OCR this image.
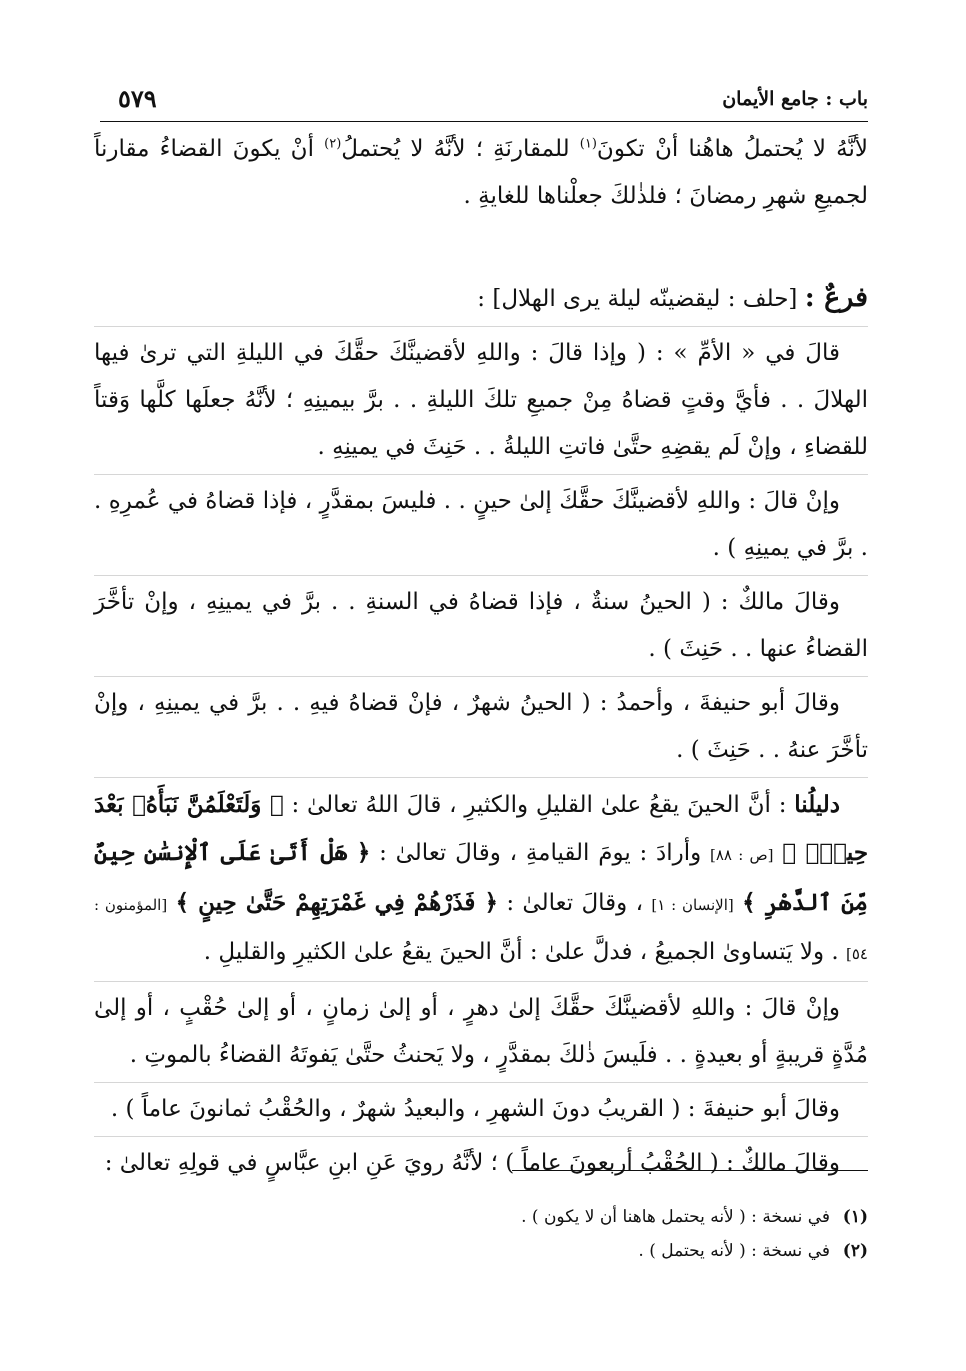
باب : جامع الأيمان
٥٧٩

لأنَّهُ لا يُحتملُ هاهُنا أنْ تكونَ$^{(١)}$ للمقارنَةِ ؛ لأنَّهُ لا يُحتملُ$^{(٢)}$ أنْ يكونَ القضاءُ مقارناً لجميعِ شهرِ رمضانَ ؛ فلذٰلكَ جعلْناها للغايةِ .

فرعٌ : [حلف : ليقضينّه ليلة يرى الهلال] :

قالَ في « الأمِّ » : ( وإذا قالَ : واللهِ لأقضينَّكَ حقَّكَ في الليلةِ التي ترىٰ فيها الهلالَ . . فأيَّ وقتٍ قضاهُ مِنْ جميعِ تلكَ الليلةِ . . برَّ بيمينِهِ ؛ لأنَّهُ جعلَها كلَّها وَقتاً للقضاءِ ، وإنْ لَم يقضِهِ حتَّىٰ فاتتِ الليلةُ . . حَنِثَ في يمينِهِ .

وإنْ قالَ : واللهِ لأقضينَّكَ حقَّكَ إلىٰ حينٍ . . فليسَ بمقدَّرٍ ، فإذا قضاهُ في عُمرِهِ . . برَّ في يمينِهِ ) .

وقالَ مالكٌ : ( الحينُ سنةٌ ، فإذا قضاهُ في السنةِ . . برَّ في يمينِهِ ، وإنْ تأخَّرَ القضاءُ عنها . . حَنِثَ ) .

وقالَ أبو حنيفةَ ، وأحمدُ : ( الحينُ شهرٌ ، فإنْ قضاهُ فيهِ . . برَّ في يمينِهِ ، وإنْ تأخَّرَ عنهُ . . حَنِثَ ) .

دليلُنا : أنَّ الحينَ يقعُ علىٰ القليلِ والكثيرِ ، قالَ اللهُ تعالىٰ : ﴿ وَلَتَعْلَمُنَّ نَبَأَهُۥ بَعْدَ حِينٍۭ ﴾ [ص : ٨٨] وأرادَ : يومَ القيامةِ ، وقالَ تعالىٰ : ﴿ هَلْ أَتَىٰ عَلَى ٱلْإِنسَٰنِ حِينٌ مِّنَ ٱلدَّهْرِ ﴾ [الإنسان : ١] ، وقالَ تعالىٰ : ﴿ فَذَرْهُمْ فِي غَمْرَتِهِمْ حَتَّىٰ حِينٍ ﴾ [المؤمنون : ٥٤] . ولا يَتساوىٰ الجميعُ ، فدلَّ علىٰ : أنَّ الحينَ يقعُ علىٰ الكثيرِ والقليلِ .

وإنْ قالَ : واللهِ لأقضينَّكَ حقَّكَ إلىٰ دهرٍ ، أو إلىٰ زمانٍ ، أو إلىٰ حُقْبٍ ، أو إلىٰ مُدَّةٍ قريبةٍ أو بعيدةٍ . . فلَيسَ ذٰلكَ بمقدَّرٍ ، ولا يَحنثُ حتَّىٰ يَفوتَهُ القضاءُ بالموتِ .

وقالَ أبو حنيفةَ : ( القريبُ دونَ الشهرِ ، والبعيدُ شهرٌ ، والحُقْبُ ثمانونَ عاماً ) .

وقالَ مالكٌ : ( الحُقْبُ أربعونَ عاماً ) ؛ لأنَّهُ رويَ عَنِ ابنِ عبَّاسٍ في قولِهِ تعالىٰ :

(١)في نسخة : ( لأنه يحتمل هاهنا أن لا يكون ) .

(٢)في نسخة : ( لأنه يحتمل ) .
